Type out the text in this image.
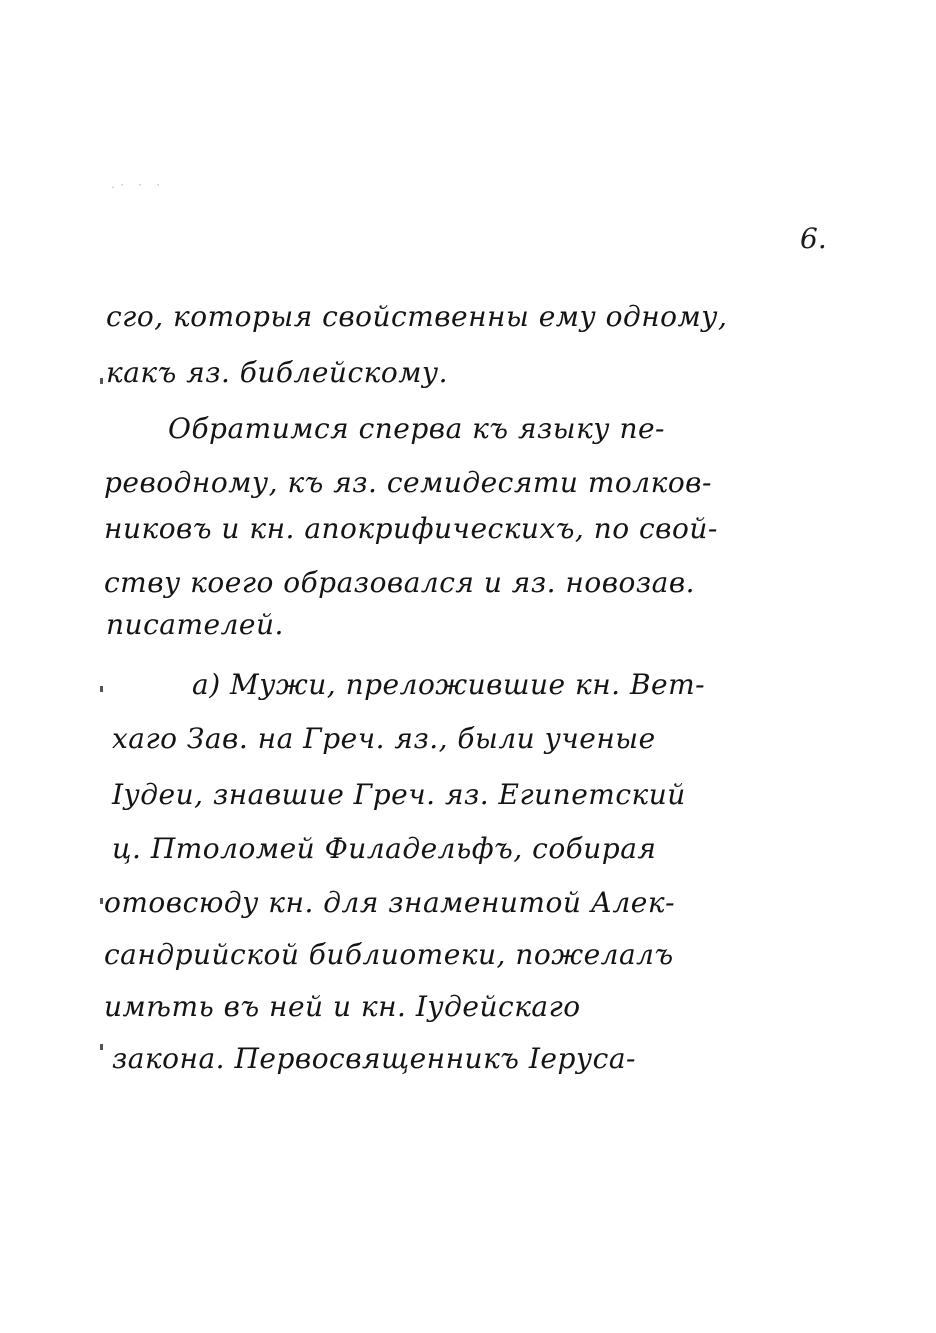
.· · ·
6.
сго, которыя свойственны ему одному,
какъ яз. библейскому.
Обратимся сперва къ языку пе-
реводному, къ яз. семидесяти толков-
никовъ и кн. апокрифическихъ, по свой-
ству коего образовался и яз. новозав.
писателей.
а) Мужи, преложившие кн. Вет-
хаго Зав. на Греч. яз., были ученые
Іудеи, знавшие Греч. яз. Египетский
ц. Птоломей Филадельфъ, собирая
отовсюду кн. для знаменитой Алек-
сандрийской библиотеки, пожелалъ
имѣть въ ней и кн. Іудейскаго
закона. Первосвященникъ Іеруса-
